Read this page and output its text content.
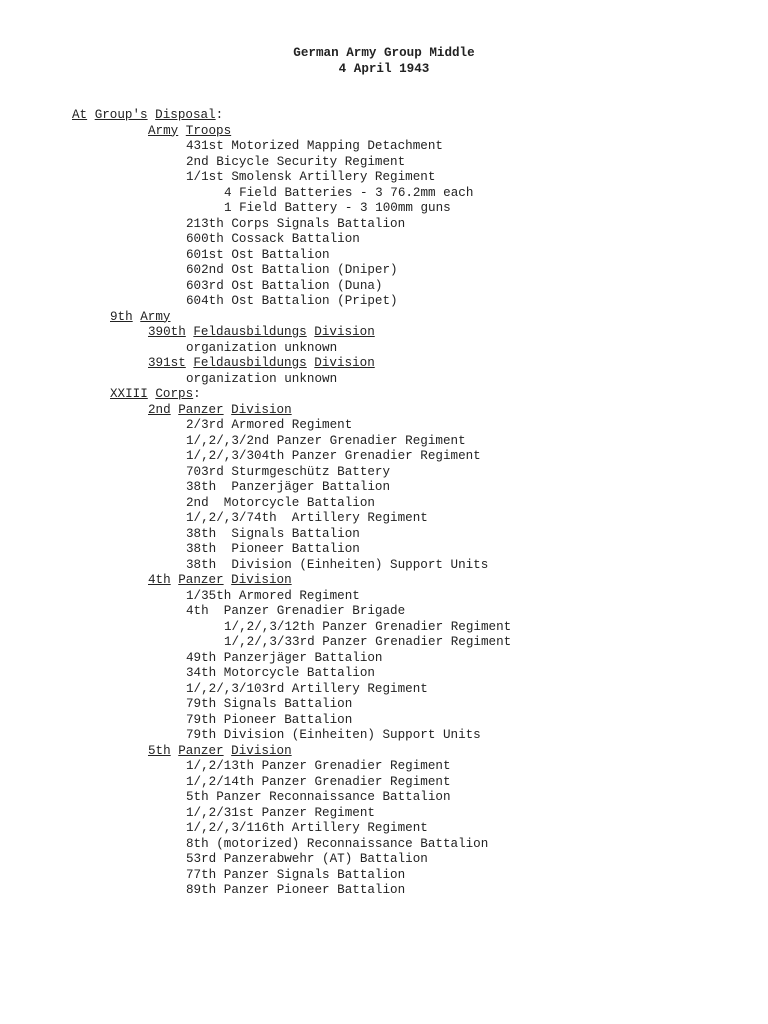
German Army Group Middle
4 April 1943
At Group's Disposal:
Army Troops
431st Motorized Mapping Detachment
2nd Bicycle Security Regiment
1/1st Smolensk Artillery Regiment
4 Field Batteries - 3 76.2mm each
1 Field Battery - 3 100mm guns
213th Corps Signals Battalion
600th Cossack Battalion
601st Ost Battalion
602nd Ost Battalion (Dniper)
603rd Ost Battalion (Duna)
604th Ost Battalion (Pripet)
9th Army
390th Feldausbildungs Division
organization unknown
391st Feldausbildungs Division
organization unknown
XXIII Corps:
2nd Panzer Division
2/3rd Armored Regiment
1/,2/,3/2nd Panzer Grenadier Regiment
1/,2/,3/304th Panzer Grenadier Regiment
703rd Sturmgeschütz Battery
38th  Panzerjäger Battalion
2nd  Motorcycle Battalion
1/,2/,3/74th  Artillery Regiment
38th  Signals Battalion
38th  Pioneer Battalion
38th  Division (Einheiten) Support Units
4th Panzer Division
1/35th Armored Regiment
4th  Panzer Grenadier Brigade
1/,2/,3/12th Panzer Grenadier Regiment
1/,2/,3/33rd Panzer Grenadier Regiment
49th Panzerjäger Battalion
34th Motorcycle Battalion
1/,2/,3/103rd Artillery Regiment
79th Signals Battalion
79th Pioneer Battalion
79th Division (Einheiten) Support Units
5th Panzer Division
1/,2/13th Panzer Grenadier Regiment
1/,2/14th Panzer Grenadier Regiment
5th Panzer Reconnaissance Battalion
1/,2/31st Panzer Regiment
1/,2/,3/116th Artillery Regiment
8th (motorized) Reconnaissance Battalion
53rd Panzerabwehr (AT) Battalion
77th Panzer Signals Battalion
89th Panzer Pioneer Battalion
